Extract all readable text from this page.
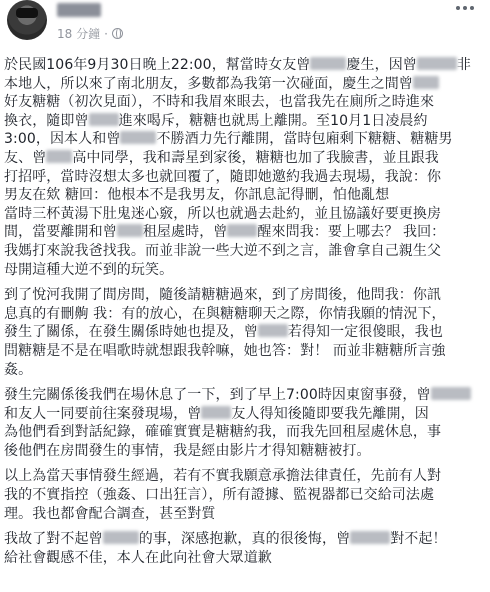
18 分鐘 ·

於民國106年9月30日晚上22:00，幫當時女友曾	慶生，因曾	非
本地人，所以來了南北朋友，多數都為我第一次碰面，慶生之間曾
好友糖糖（初次見面），不時和我眉來眼去，也當我先在廁所之時進來
換衣，隨即曾 進來喝斥，糖糖也就馬上離開。至10月1日凌晨約
3:00，因本人和曾	不勝酒力先行離開，當時包廂剩下糖糖、糖糖男
友、曾 高中同學，我和壽星到家後，糖糖也加了我臉書，並且跟我
打招呼，當時沒想太多也就回覆了，隨即她邀約我過去現場，我說：你
男友在欸 糖回：他根本不是我男友，你訊息記得刪，怕他亂想
當時三杯黃湯下肚鬼迷心竅，所以也就過去赴約，並且協議好要更換房
間，當要離開和曾 租屋處時，曾 醒來問我：要上哪去？ 我回：
我媽打來說我爸找我。而並非說一些大逆不到之言，誰會拿自己親生父
母開這種大逆不到的玩笑。

到了悅河我開了間房間，隨後請糖糖過來，到了房間後，他問我：你訊
息真的有刪齁 我：有的放心，在與糖糖聊天之際，你情我願的情況下，
發生了關係，在發生關係時她也提及，曾 若得知一定很傻眼，我也
問糖糖是不是在唱歌時就想跟我幹嘛，她也答：對！ 而並非糖糖所言強
姦。

發生完關係後我們在場休息了一下，到了早上7:00時因東窗事發，曾
和友人一同要前往案發現場，曾 友人得知後隨即要我先離開，因
為他們看到對話紀錄，確確實實是糖糖約我，而我先回租屋處休息，事
後他們在房間發生的事情，我是經由影片才得知糖糖被打。

以上為當天事情發生經過，若有不實我願意承擔法律責任，先前有人對
我的不實指控（強姦、口出狂言），所有證據、監視器都已交給司法處
理。我也都會配合調查，甚至對質

我故了對不起曾	的事，深感抱歉，真的很後悔，曾	對不起！
給社會觀感不佳，本人在此向社會大眾道歉
